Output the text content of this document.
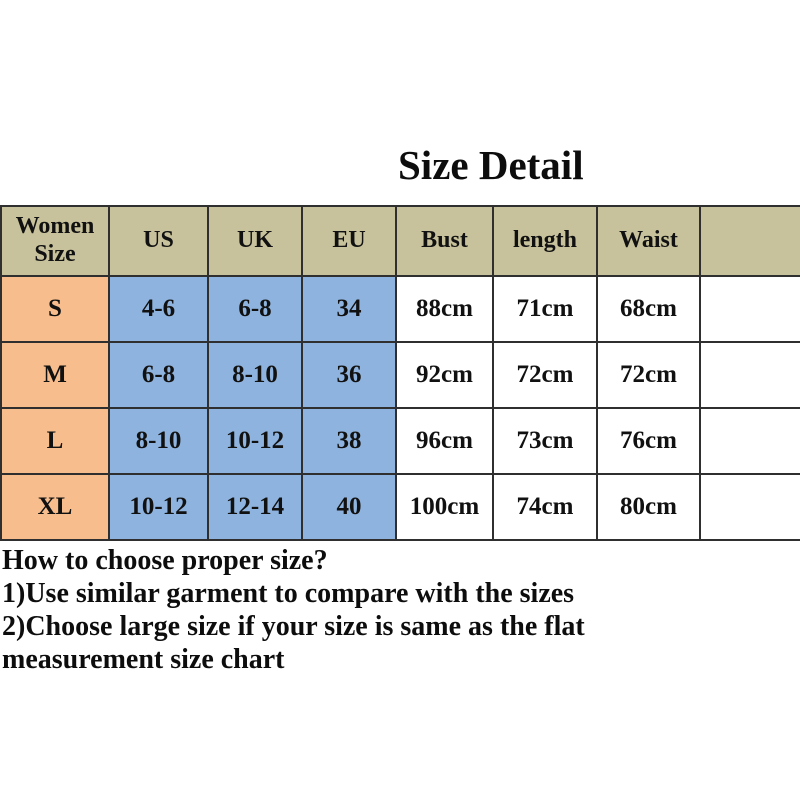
Size Detail
Women Size	US	UK	EU	Bust	length	Waist	
S	4-6	6-8	34	88cm	71cm	68cm	
M	6-8	8-10	36	92cm	72cm	72cm	
L	8-10	10-12	38	96cm	73cm	76cm	
XL	10-12	12-14	40	100cm	74cm	80cm	
How to choose proper size?
1)Use similar garment to compare with the sizes
2)Choose large size if your size is same as the flat
measurement size chart
